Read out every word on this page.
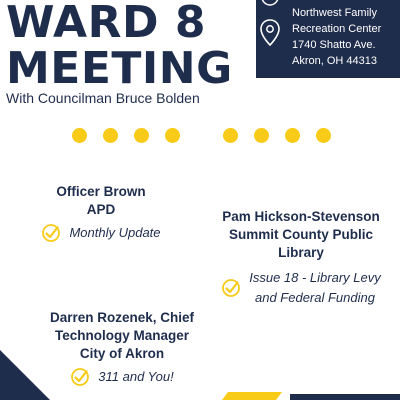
WARD 8
MEETING
With Councilman Bruce Bolden
Northwest Family
Recreation Center
1740 Shatto Ave.
Akron, OH 44313
Officer Brown
APD
Monthly Update
Pam Hickson-Stevenson
Summit County Public
Library
Issue 18 - Library Levy
and Federal Funding
Darren Rozenek, Chief
Technology Manager
City of Akron
311 and You!
